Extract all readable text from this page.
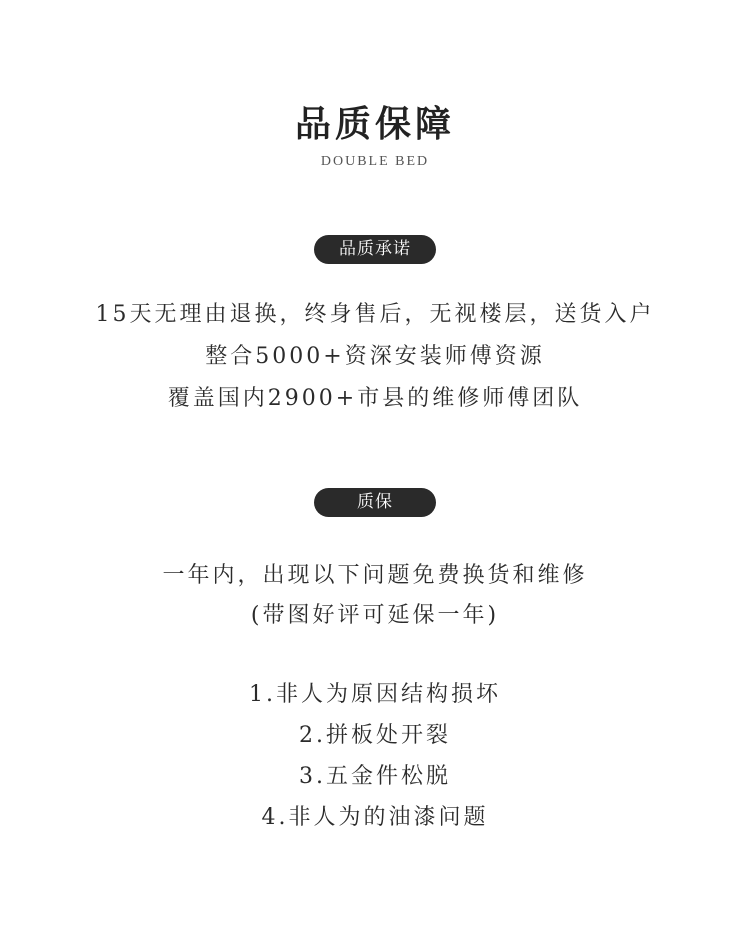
品质保障
DOUBLE BED
品质承诺
15天无理由退换，终身售后，无视楼层，送货入户
整合5000+资深安装师傅资源
覆盖国内2900+市县的维修师傅团队
质保
一年内，出现以下问题免费换货和维修
(带图好评可延保一年)
1.非人为原因结构损坏
2.拼板处开裂
3.五金件松脱
4.非人为的油漆问题
